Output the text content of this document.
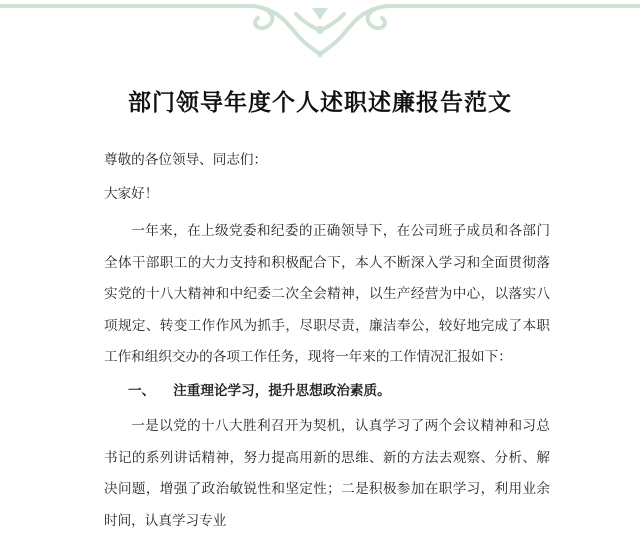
部门领导年度个人述职述廉报告范文

尊敬的各位领导、同志们：

大家好！

一年来，在上级党委和纪委的正确领导下，在公司班子成员和各部门全体干部职工的大力支持和积极配合下，本人不断深入学习和全面贯彻落实党的十八大精神和中纪委二次全会精神，以生产经营为中心，以落实八项规定、转变工作作风为抓手，尽职尽责，廉洁奉公，较好地完成了本职工作和组织交办的各项工作任务，现将一年来的工作情况汇报如下：

一、 注重理论学习，提升思想政治素质。

一是以党的十八大胜利召开为契机，认真学习了两个会议精神和习总书记的系列讲话精神，努力提高用新的思维、新的方法去观察、分析、解决问题，增强了政治敏锐性和坚定性；二是积极参加在职学习，利用业余时间，认真学习专业
